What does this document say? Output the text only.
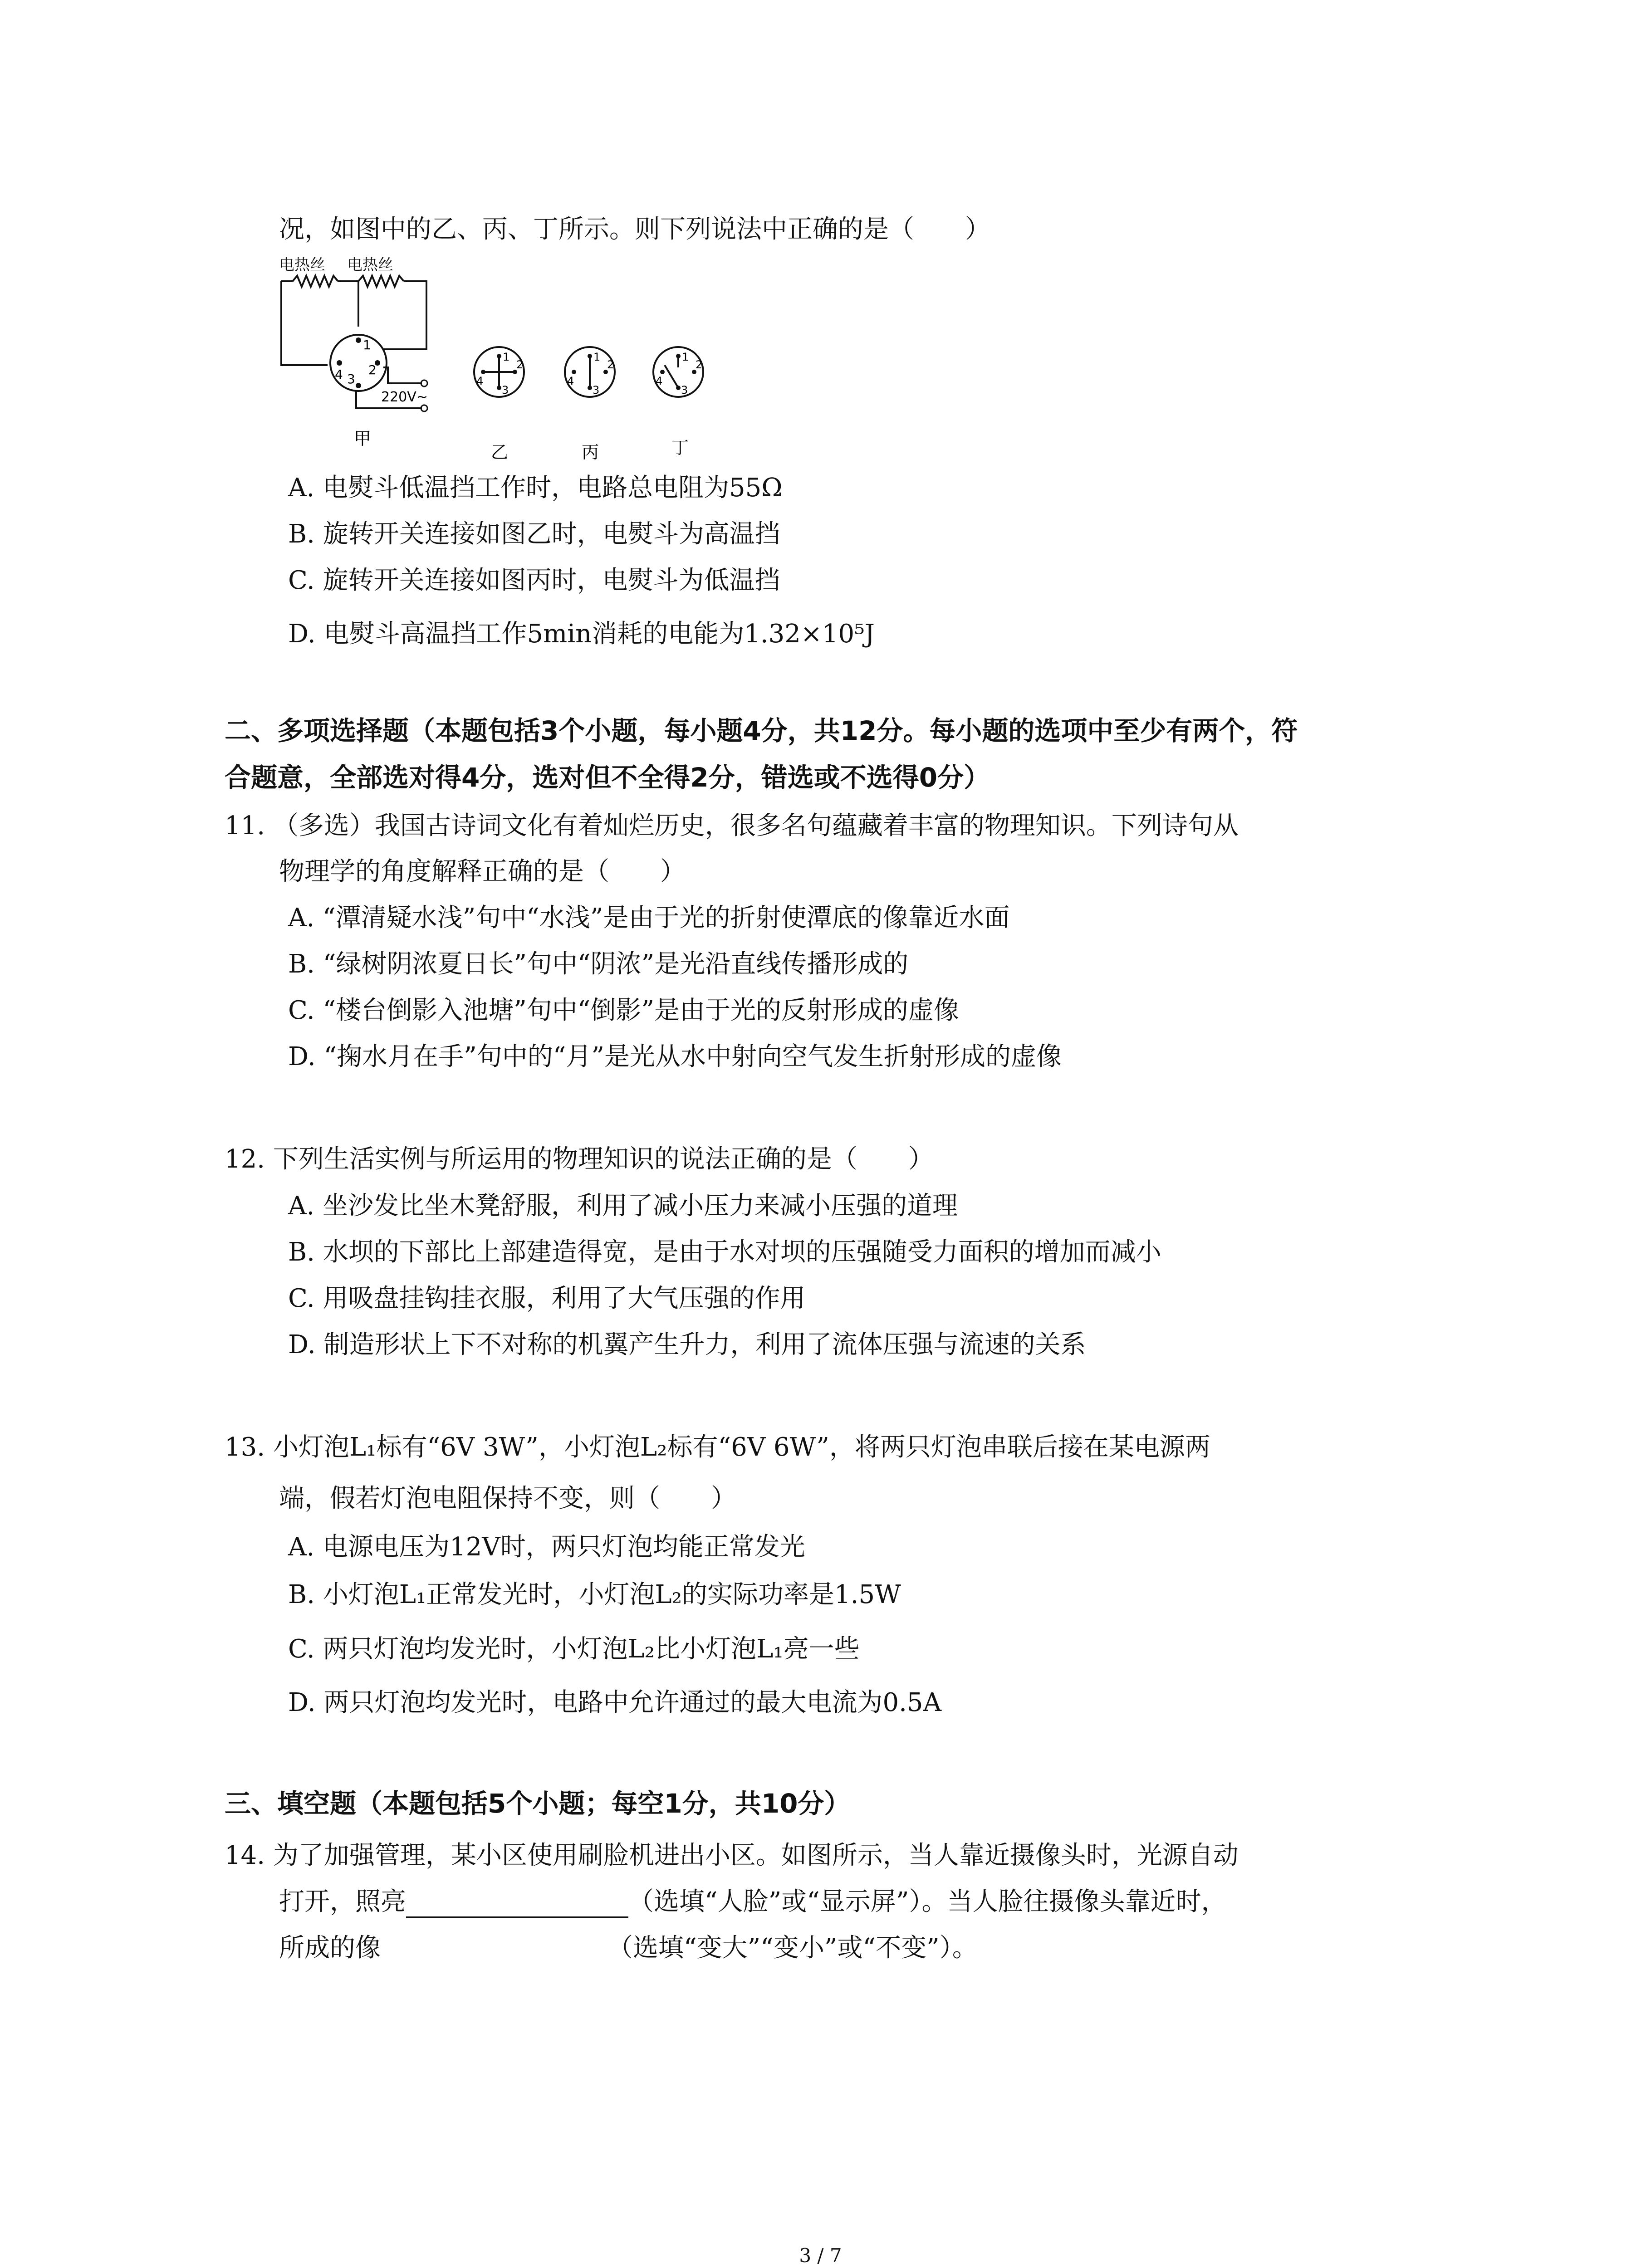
况，如图中的乙、丙、丁所示。则下列说法中正确的是（　　）
电热丝 电热丝
1
2
3
4
220V~
甲
1
2
3
4
乙
1
2
3
4
丙
1
2
3
4
丁
A. 电熨斗低温挡工作时，电路总电阻为55Ω
B. 旋转开关连接如图乙时，电熨斗为高温挡
C. 旋转开关连接如图丙时，电熨斗为低温挡
D. 电熨斗高温挡工作5min消耗的电能为1.32×10⁵J
二、多项选择题（本题包括3个小题，每小题4分，共12分。每小题的选项中至少有两个，符
合题意，全部选对得4分，选对但不全得2分，错选或不选得0分）
11. （多选）我国古诗词文化有着灿烂历史，很多名句蕴藏着丰富的物理知识。下列诗句从
物理学的角度解释正确的是（　　）
A. “潭清疑水浅”句中“水浅”是由于光的折射使潭底的像靠近水面
B. “绿树阴浓夏日长”句中“阴浓”是光沿直线传播形成的
C. “楼台倒影入池塘”句中“倒影”是由于光的反射形成的虚像
D. “掬水月在手”句中的“月”是光从水中射向空气发生折射形成的虚像
12. 下列生活实例与所运用的物理知识的说法正确的是（　　）
A. 坐沙发比坐木凳舒服，利用了减小压力来减小压强的道理
B. 水坝的下部比上部建造得宽，是由于水对坝的压强随受力面积的增加而减小
C. 用吸盘挂钩挂衣服，利用了大气压强的作用
D. 制造形状上下不对称的机翼产生升力，利用了流体压强与流速的关系
13. 小灯泡L₁标有“6V 3W”，小灯泡L₂标有“6V 6W”，将两只灯泡串联后接在某电源两
端，假若灯泡电阻保持不变，则（　　）
A. 电源电压为12V时，两只灯泡均能正常发光
B. 小灯泡L₁正常发光时，小灯泡L₂的实际功率是1.5W
C. 两只灯泡均发光时，小灯泡L₂比小灯泡L₁亮一些
D. 两只灯泡均发光时，电路中允许通过的最大电流为0.5A
三、填空题（本题包括5个小题；每空1分，共10分）
14. 为了加强管理，某小区使用刷脸机进出小区。如图所示，当人靠近摄像头时，光源自动
打开，照亮	（选填“人脸”或“显示屏”）。当人脸往摄像头靠近时，
所成的像	（选填“变大”“变小”或“不变”）。
3 / 7
